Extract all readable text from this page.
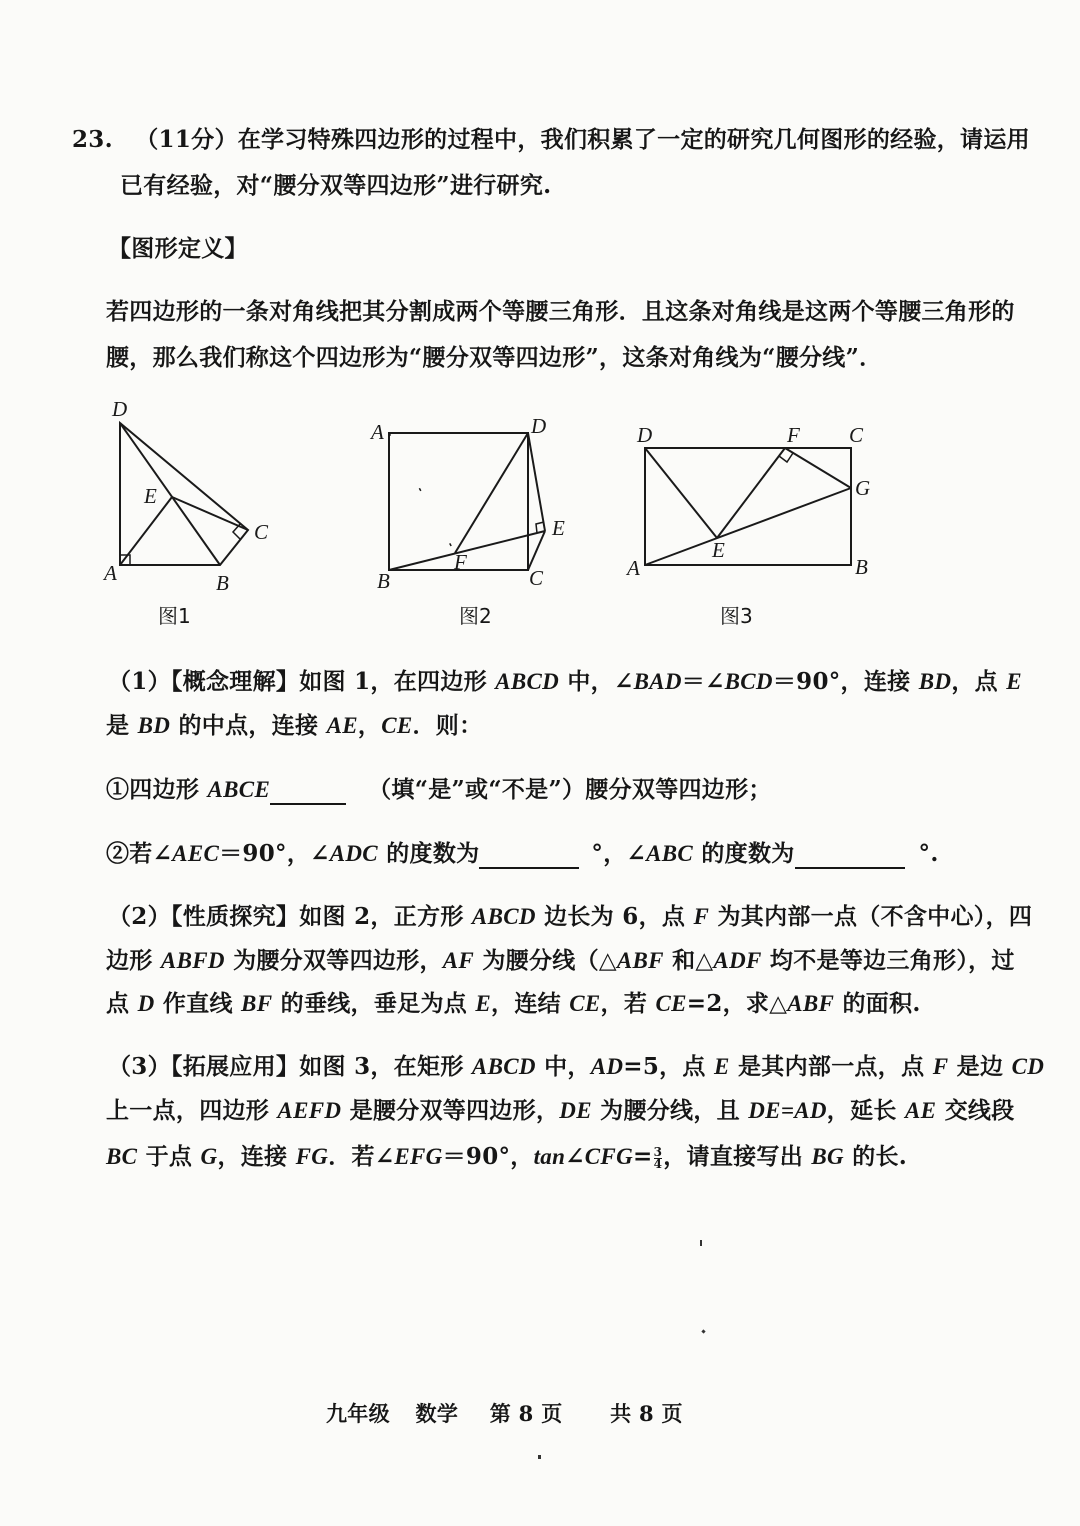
23. （11分）在学习特殊四边形的过程中，我们积累了一定的研究几何图形的经验，请运用
已有经验，对“腰分双等四边形”进行研究.
【图形定义】
若四边形的一条对角线把其分割成两个等腰三角形．且这条对角线是这两个等腰三角形的
腰，那么我们称这个四边形为“腰分双等四边形”，这条对角线为“腰分线”．
D
E
C
A	B
图1
A	D
E
F
B	C
图2
D	F C
G
E
A	B
图3
（1）【概念理解】如图 1，在四边形 ABCD 中，∠BAD＝∠BCD＝90°，连接 BD，点 E
是 BD 的中点，连接 AE，CE．则：
①四边形 ABCE	（填“是”或“不是”）腰分双等四边形；
②若∠AEC＝90°，∠ADC 的度数为	°，∠ABC 的度数为	°.
（2）【性质探究】如图 2，正方形 ABCD 边长为 6，点 F 为其内部一点（不含中心），四
边形 ABFD 为腰分双等四边形，AF 为腰分线（△ABF 和△ADF 均不是等边三角形），过
点 D 作直线 BF 的垂线，垂足为点 E，连结 CE，若 CE=2，求△ABF 的面积.
（3）【拓展应用】如图 3，在矩形 ABCD 中，AD=5，点 E 是其内部一点，点 F 是边 CD
上一点，四边形 AEFD 是腰分双等四边形，DE 为腰分线，且 DE=AD，延长 AE 交线段
BC 于点 G，连接 FG．若∠EFG＝90°，tan∠CFG= $\frac{3}{4}$ ，请直接写出 BG 的长.
九年级 数学 第 8 页 共 8 页
